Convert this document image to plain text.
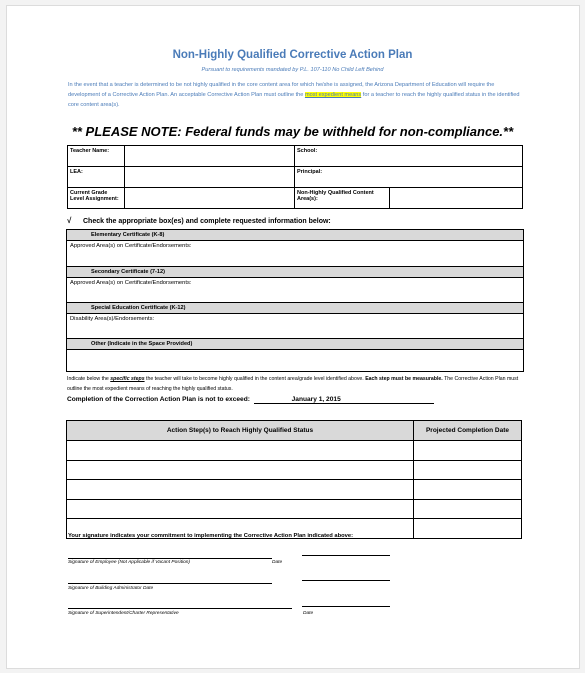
Non-Highly Qualified Corrective Action Plan
Pursuant to requirements mandated by P.L. 107-110 No Child Left Behind
In the event that a teacher is determined to be not highly qualified in the core content area for which he/she is assigned, the Arizona Department of Education will require the development of a Corrective Action Plan. An acceptable Corrective Action Plan must outline the most expedient means for a teacher to reach the highly qualified status in the identified core content area(s).
** PLEASE NOTE: Federal funds may be withheld for non-compliance.**
Teacher Name:		School:	
LEA:		Principal:	
Current Grade Level Assignment:		Non-Highly Qualified Content Area(s):	
√ Check the appropriate box(es) and complete requested information below:
Elementary Certificate (K-8)
Approved Area(s) on Certificate/Endorsements:
Secondary Certificate (7-12)
Approved Area(s) on Certificate/Endorsements:
Special Education Certificate (K-12)
Disability Area(s)/Endorsements:
Other (Indicate in the Space Provided)
Indicate below the specific steps the teacher will take to become highly qualified in the content area/grade level identified above. Each step must be measurable. The Corrective Action Plan must outline the most expedient means of reaching the highly qualified status.
Completion of the Correction Action Plan is not to exceed:	January 1, 2015
Action Step(s) to Reach Highly Qualified Status	Projected Completion Date

Your signature indicates your commitment to implementing the Corrective Action Plan indicated above:
Signature of Employee (Not Applicable if Vacant Position)	Date
Signature of Building Administrator Date
Signature of Superintendent/Charter Representative	Date
